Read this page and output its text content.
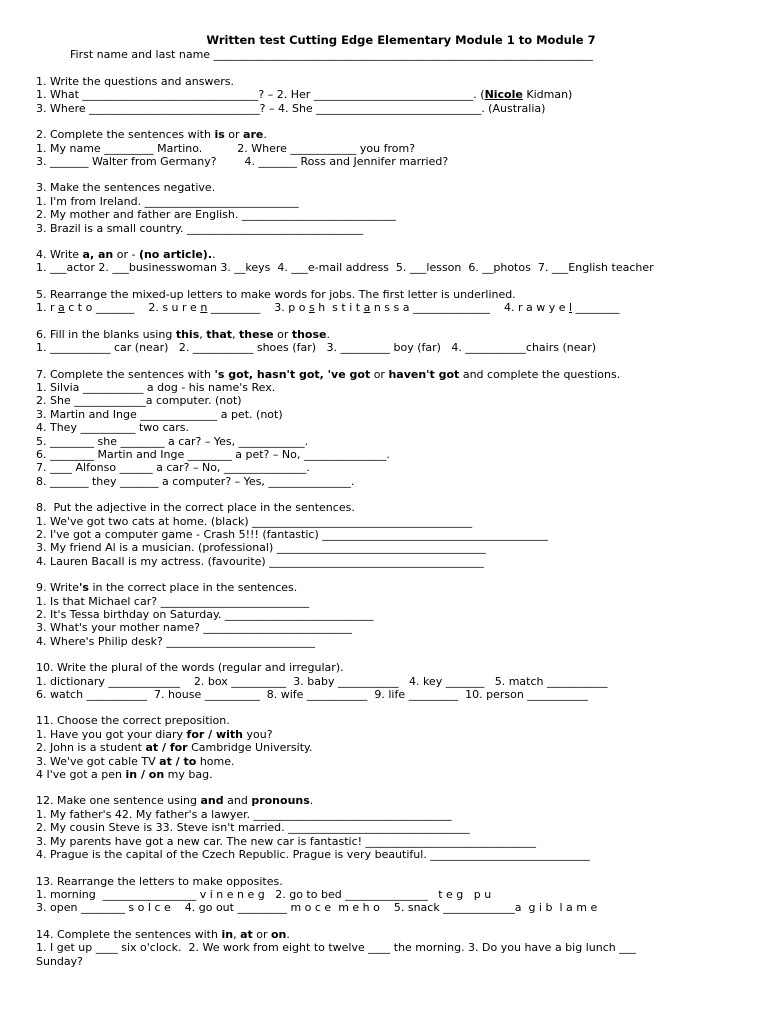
Written test Cutting Edge Elementary Module 1 to Module 7
First name and last name _____________________________________________________________________
1. Write the questions and answers.
1. What ________________________________? – 2. Her _____________________________. (Nicole Kidman)
3. Where _______________________________? – 4. She ______________________________. (Australia)
2. Complete the sentences with is or are.
1. My name _________ Martino.          2. Where ____________ you from?
3. _______ Walter from Germany?        4. _______ Ross and Jennifer married?
3. Make the sentences negative.
1. I'm from Ireland. ____________________________
2. My mother and father are English. ____________________________
3. Brazil is a small country. ________________________________
4. Write a, an or - (no article)..
1. ___actor 2. ___businesswoman 3. __keys  4. ___e-mail address  5. ___lesson  6. __photos  7. ___English teacher
5. Rearrange the mixed-up letters to make words for jobs. The first letter is underlined.
1. r a c t o _______    2. s u r e n _________    3. p o s h  s t i t a n s s a ______________    4. r a w y e l ________
6. Fill in the blanks using this, that, these or those.
1. ___________ car (near)   2. ___________ shoes (far)   3. _________ boy (far)   4. ___________chairs (near)
7. Complete the sentences with 's got, hasn't got, 've got or haven't got and complete the questions.
1. Silvia ___________ a dog - his name's Rex.
2. She _____________a computer. (not)
3. Martin and Inge ______________ a pet. (not)
4. They __________ two cars.
5. ________ she ________ a car? – Yes, ____________.
6. ________ Martin and Inge ________ a pet? – No, _______________.
7. ____ Alfonso ______ a car? – No, _______________.
8. _______ they _______ a computer? – Yes, _______________.
8.  Put the adjective in the correct place in the sentences.
1. We've got two cats at home. (black) ________________________________________
2. I've got a computer game - Crash 5!!! (fantastic) _________________________________________
3. My friend Al is a musician. (professional) ______________________________________
4. Lauren Bacall is my actress. (favourite) _______________________________________
9. Write's in the correct place in the sentences.
1. Is that Michael car? ___________________________
2. It's Tessa birthday on Saturday. ___________________________
3. What's your mother name? ___________________________
4. Where's Philip desk? ___________________________
10. Write the plural of the words (regular and irregular).
1. dictionary _____________    2. box __________  3. baby ___________   4. key _______   5. match ___________
6. watch ___________  7. house __________  8. wife ___________  9. life _________  10. person ___________
11. Choose the correct preposition.
1. Have you got your diary for / with you?
2. John is a student at / for Cambridge University.
3. We've got cable TV at / to home.
4 I've got a pen in / on my bag.
12. Make one sentence using and and pronouns.
1. My father's 42. My father's a lawyer. ____________________________________
2. My cousin Steve is 33. Steve isn't married. _________________________________
3. My parents have got a new car. The new car is fantastic! _______________________________
4. Prague is the capital of the Czech Republic. Prague is very beautiful. _____________________________
13. Rearrange the letters to make opposites.
1. morning  _________________ v i n e n e g   2. go to bed _______________   t e g   p u
3. open ________ s o l c e    4. go out _________ m o c e  m e h o    5. snack _____________a  g i b  l a m e
14. Complete the sentences with in, at or on.
1. I get up ____ six o'clock.  2. We work from eight to twelve ____ the morning. 3. Do you have a big lunch ___
Sunday?
